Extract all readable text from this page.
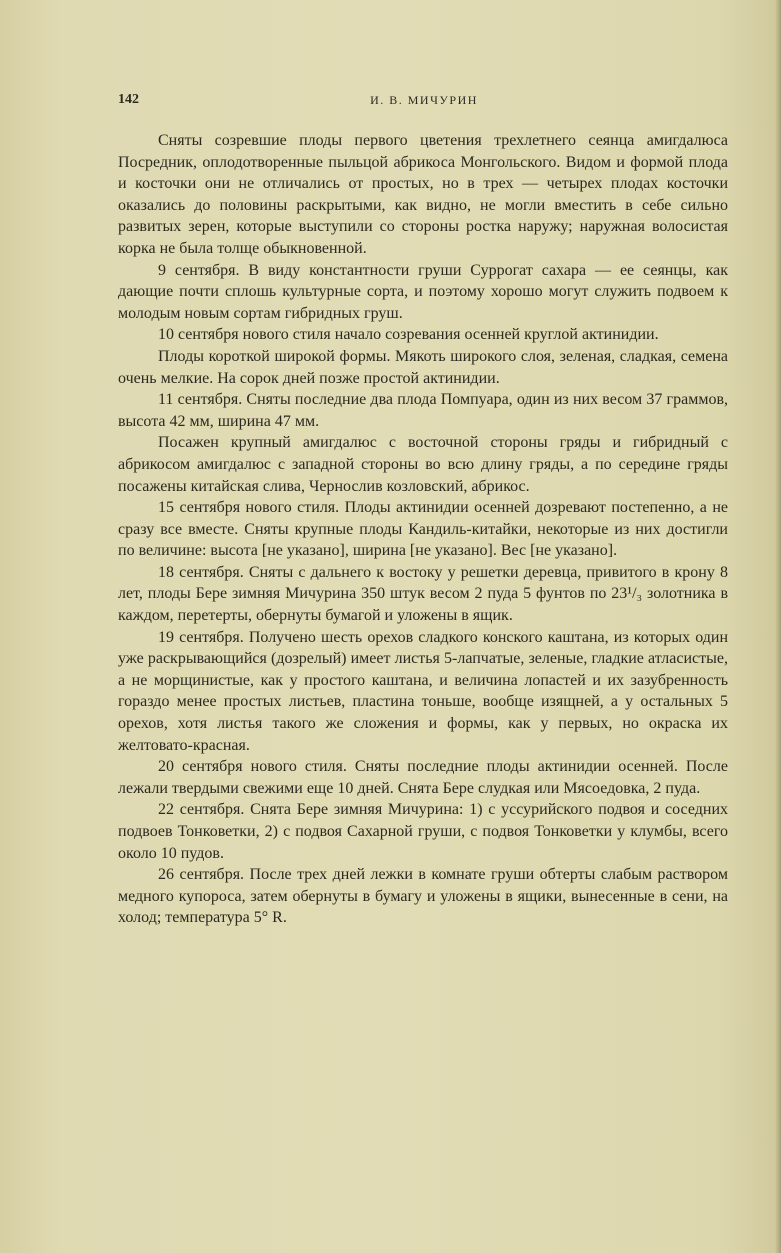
142	И. В. МИЧУРИН

Сняты созревшие плоды первого цветения трехлетнего сеянца амигдалюса Посредник, оплодотворенные пыльцой абрикоса Монгольского. Видом и формой плода и косточки они не отличались от простых, но в трех — четырех плодах косточки оказались до половины раскрытыми, как видно, не могли вместить в себе сильно развитых зерен, которые выступили со стороны ростка наружу; наружная волосистая корка не была толще обыкновенной.

9 сентября. В виду константности груши Суррогат сахара — ее сеянцы, как дающие почти сплошь культурные сорта, и поэтому хорошо могут служить подвоем к молодым новым сортам гибридных груш.

10 сентября нового стиля начало созревания осенней круглой актинидии.

Плоды короткой широкой формы. Мякоть широкого слоя, зеленая, сладкая, семена очень мелкие. На сорок дней позже простой актинидии.

11 сентября. Сняты последние два плода Помпуара, один из них весом 37 граммов, высота 42 мм, ширина 47 мм.

Посажен крупный амигдалюс с восточной стороны гряды и гибридный с абрикосом амигдалюс с западной стороны во всю длину гряды, а по середине гряды посажены китайская слива, Чернослив козловский, абрикос.

15 сентября нового стиля. Плоды актинидии осенней дозревают постепенно, а не сразу все вместе. Сняты крупные плоды Кандиль-китайки, некоторые из них достигли по величине: высота [не указано], ширина [не указано]. Вес [не указано].

18 сентября. Сняты с дальнего к востоку у решетки деревца, привитого в крону 8 лет, плоды Бере зимняя Мичурина 350 штук весом 2 пуда 5 фунтов по 23¹/₃ золотника в каждом, перетерты, обернуты бумагой и уложены в ящик.

19 сентября. Получено шесть орехов сладкого конского каштана, из которых один уже раскрывающийся (дозрелый) имеет листья 5-лапчатые, зеленые, гладкие атласистые, а не морщинистые, как у простого каштана, и величина лопастей и их зазубренность гораздо менее простых листьев, пластина тоньше, вообще изящней, а у остальных 5 орехов, хотя листья такого же сложения и формы, как у первых, но окраска их желтовато-красная.

20 сентября нового стиля. Сняты последние плоды актинидии осенней. После лежали твердыми свежими еще 10 дней. Снята Бере слудкая или Мясоедовка, 2 пуда.

22 сентября. Снята Бере зимняя Мичурина: 1) с уссурийского подвоя и соседних подвоев Тонковетки, 2) с подвоя Сахарной груши, с подвоя Тонковетки у клумбы, всего около 10 пудов.

26 сентября. После трех дней лежки в комнате груши обтерты слабым раствором медного купороса, затем обернуты в бумагу и уложены в ящики, вынесенные в сени, на холод; температура 5° R.
